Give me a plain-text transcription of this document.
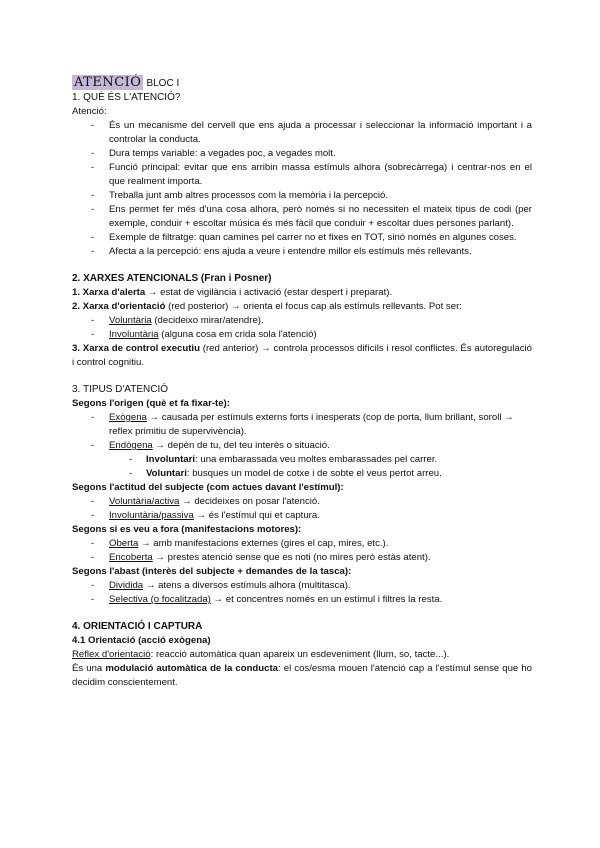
ATENCIÓ BLOC I

1. QUÈ ÉS L'ATENCIÓ?

Atenció:

- És un mecanisme del cervell que ens ajuda a processar i seleccionar la informació important i a controlar la conducta.
- Dura temps variable: a vegades poc, a vegades molt.
- Funció principal: evitar que ens arribin massa estímuls alhora (sobrecàrrega) i centrar-nos en el que realment importa.
- Treballa junt amb altres processos com la memòria i la percepció.
- Ens permet fer més d'una cosa alhora, però només si no necessiten el mateix tipus de codi (per exemple, conduir + escoltar música és més fàcil que conduir + escoltar dues persones parlant).
- Exemple de filtratge: quan camines pel carrer no et fixes en TOT, sinó només en algunes coses.
- Afecta a la percepció: ens ajuda a veure i entendre millor els estímuls més rellevants.

2. XARXES ATENCIONALS (Fran i Posner)

1. Xarxa d'alerta → estat de vigilància i activació (estar despert i preparat).

2. Xarxa d'orientació (red posterior) → orienta el focus cap als estímuls rellevants. Pot ser:

- Voluntària (decideixo mirar/atendre).
- Involuntària (alguna cosa em crida sola l'atenció)

3. Xarxa de control executiu (red anterior) → controla processos difícils i resol conflictes. És autoregulació i control cognitiu.

3. TIPUS D'ATENCIÓ

Segons l'origen (què et fa fixar-te):

- Exògena → causada per estímuls externs forts i inesperats (cop de porta, llum brillant, soroll → reflex primitiu de supervivència).
- Endògena → depèn de tu, del teu interès o situació.
- Involuntari: una embarassada veu moltes embarassades pel carrer.
- Voluntari: busques un model de cotxe i de sobte el veus pertot arreu.

Segons l'actitud del subjecte (com actues davant l'estímul):

- Voluntària/activa → decideixes on posar l'atenció.
- Involuntària/passiva → és l'estímul qui et captura.

Segons si es veu a fora (manifestacions motores):

- Oberta → amb manifestacions externes (gires el cap, mires, etc.).
- Encoberta → prestes atenció sense que es noti (no mires però estàs atent).

Segons l'abast (interès del subjecte + demandes de la tasca):

- Dividida → atens a diversos estímuls alhora (multitasca).
- Selectiva (o focalitzada) → et concentres només en un estímul i filtres la resta.

4. ORIENTACIÓ I CAPTURA

4.1 Orientació (acció exògena)

Reflex d'orientació: reacció automàtica quan apareix un esdeveniment (llum, so, tacte...).

És una modulació automàtica de la conducta: el cos/esma mouen l'atenció cap a l'estímul sense que ho decidim conscientement.
